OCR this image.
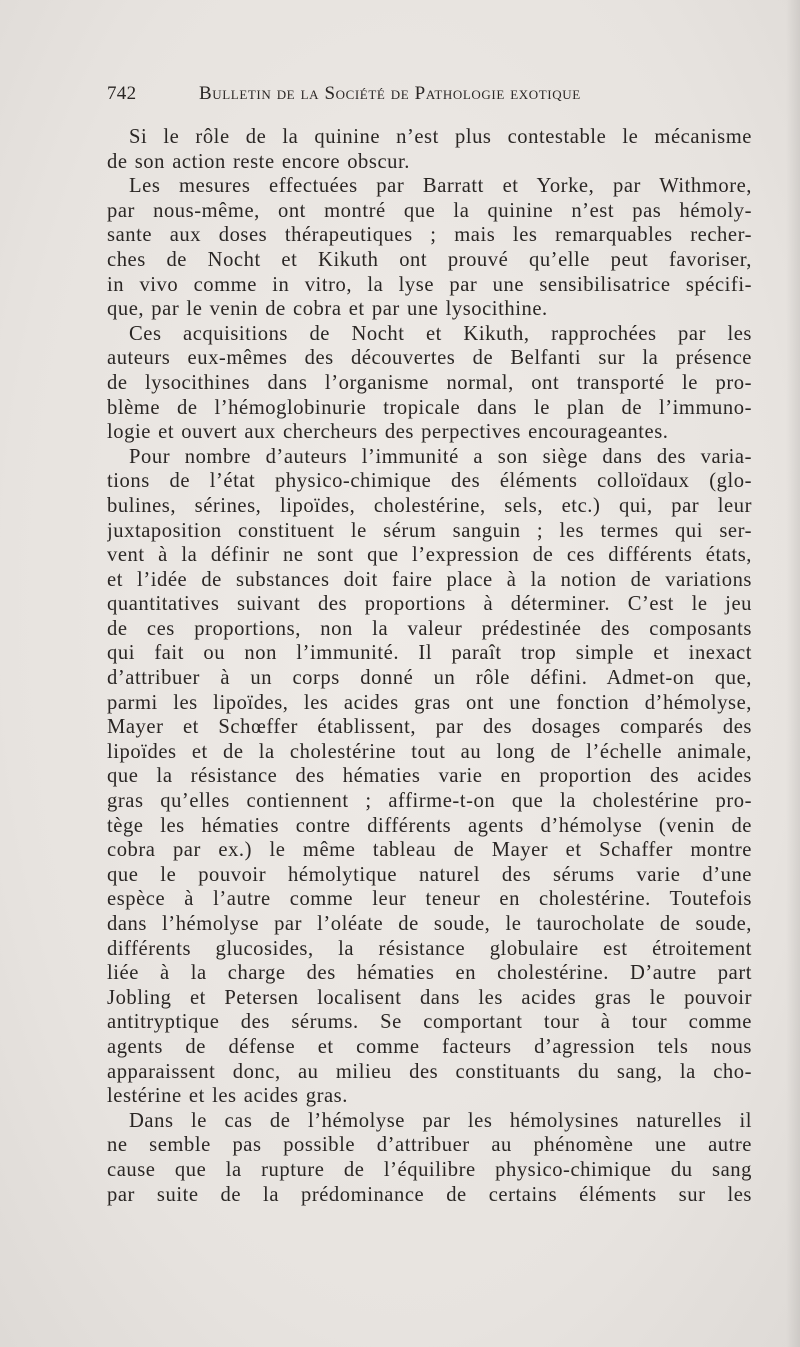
742	Bulletin de la Société de Pathologie exotique
Si le rôle de la quinine n’est plus contestable le mécanisme
de son action reste encore obscur.
Les mesures effectuées par Barratt et Yorke, par Withmore,
par nous-même, ont montré que la quinine n’est pas hémoly-
sante aux doses thérapeutiques ; mais les remarquables recher-
ches de Nocht et Kikuth ont prouvé qu’elle peut favoriser,
in vivo comme in vitro, la lyse par une sensibilisatrice spécifi-
que, par le venin de cobra et par une lysocithine.
Ces acquisitions de Nocht et Kikuth, rapprochées par les
auteurs eux-mêmes des découvertes de Belfanti sur la présence
de lysocithines dans l’organisme normal, ont transporté le pro-
blème de l’hémoglobinurie tropicale dans le plan de l’immuno-
logie et ouvert aux chercheurs des perpectives encourageantes.
Pour nombre d’auteurs l’immunité a son siège dans des varia-
tions de l’état physico-chimique des éléments colloïdaux (glo-
bulines, sérines, lipoïdes, cholestérine, sels, etc.) qui, par leur
juxtaposition constituent le sérum sanguin ; les termes qui ser-
vent à la définir ne sont que l’expression de ces différents états,
et l’idée de substances doit faire place à la notion de variations
quantitatives suivant des proportions à déterminer. C’est le jeu
de ces proportions, non la valeur prédestinée des composants
qui fait ou non l’immunité. Il paraît trop simple et inexact
d’attribuer à un corps donné un rôle défini. Admet-on que,
parmi les lipoïdes, les acides gras ont une fonction d’hémolyse,
Mayer et Schœffer établissent, par des dosages comparés des
lipoïdes et de la cholestérine tout au long de l’échelle animale,
que la résistance des hématies varie en proportion des acides
gras qu’elles contiennent ; affirme-t-on que la cholestérine pro-
tège les hématies contre différents agents d’hémolyse (venin de
cobra par ex.) le même tableau de Mayer et Schaffer montre
que le pouvoir hémolytique naturel des sérums varie d’une
espèce à l’autre comme leur teneur en cholestérine. Toutefois
dans l’hémolyse par l’oléate de soude, le taurocholate de soude,
différents glucosides, la résistance globulaire est étroitement
liée à la charge des hématies en cholestérine. D’autre part
Jobling et Petersen localisent dans les acides gras le pouvoir
antitryptique des sérums. Se comportant tour à tour comme
agents de défense et comme facteurs d’agression tels nous
apparaissent donc, au milieu des constituants du sang, la cho-
lestérine et les acides gras.
Dans le cas de l’hémolyse par les hémolysines naturelles il
ne semble pas possible d’attribuer au phénomène une autre
cause que la rupture de l’équilibre physico-chimique du sang
par suite de la prédominance de certains éléments sur les
